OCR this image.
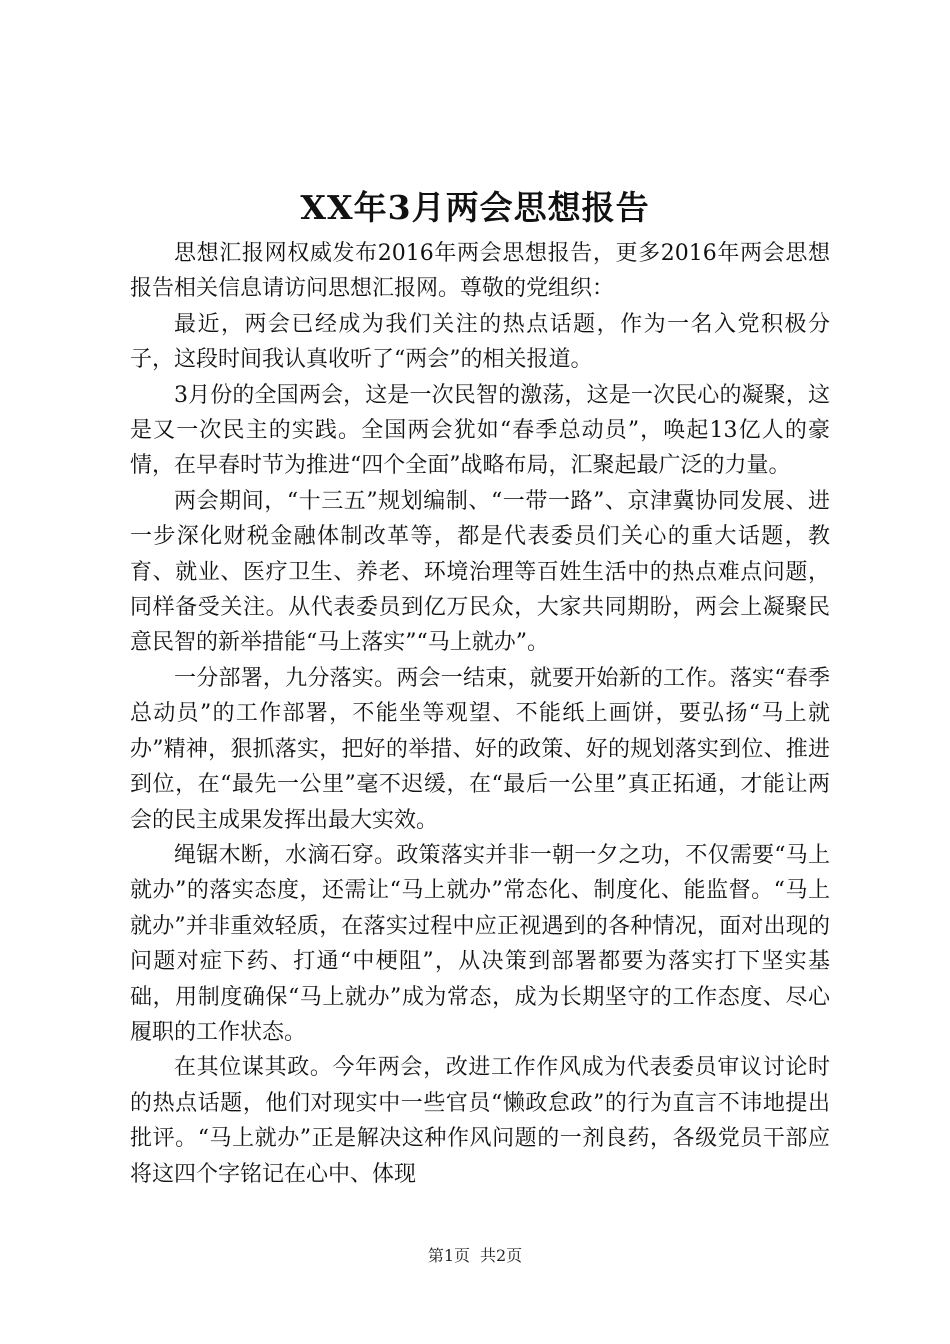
XX年3月两会思想报告

思想汇报网权威发布2016年两会思想报告，更多2016年两会思想报告相关信息请访问思想汇报网。尊敬的党组织：

最近，两会已经成为我们关注的热点话题，作为一名入党积极分子，这段时间我认真收听了“两会”的相关报道。

3月份的全国两会，这是一次民智的激荡，这是一次民心的凝聚，这是又一次民主的实践。全国两会犹如“春季总动员”，唤起13亿人的豪情，在早春时节为推进“四个全面”战略布局，汇聚起最广泛的力量。

两会期间，“十三五”规划编制、“一带一路”、京津冀协同发展、进一步深化财税金融体制改革等，都是代表委员们关心的重大话题，教育、就业、医疗卫生、养老、环境治理等百姓生活中的热点难点问题，同样备受关注。从代表委员到亿万民众，大家共同期盼，两会上凝聚民意民智的新举措能“马上落实”“马上就办”。

一分部署，九分落实。两会一结束，就要开始新的工作。落实“春季总动员”的工作部署，不能坐等观望、不能纸上画饼，要弘扬“马上就办”精神，狠抓落实，把好的举措、好的政策、好的规划落实到位、推进到位，在“最先一公里”毫不迟缓，在“最后一公里”真正拓通，才能让两会的民主成果发挥出最大实效。

绳锯木断，水滴石穿。政策落实并非一朝一夕之功，不仅需要“马上就办”的落实态度，还需让“马上就办”常态化、制度化、能监督。“马上就办”并非重效轻质，在落实过程中应正视遇到的各种情况，面对出现的问题对症下药、打通“中梗阻”，从决策到部署都要为落实打下坚实基础，用制度确保“马上就办”成为常态，成为长期坚守的工作态度、尽心履职的工作状态。

在其位谋其政。今年两会，改进工作作风成为代表委员审议讨论时的热点话题，他们对现实中一些官员“懒政怠政”的行为直言不讳地提出批评。“马上就办”正是解决这种作风问题的一剂良药，各级党员干部应将这四个字铭记在心中、体现

第1页 共2页
